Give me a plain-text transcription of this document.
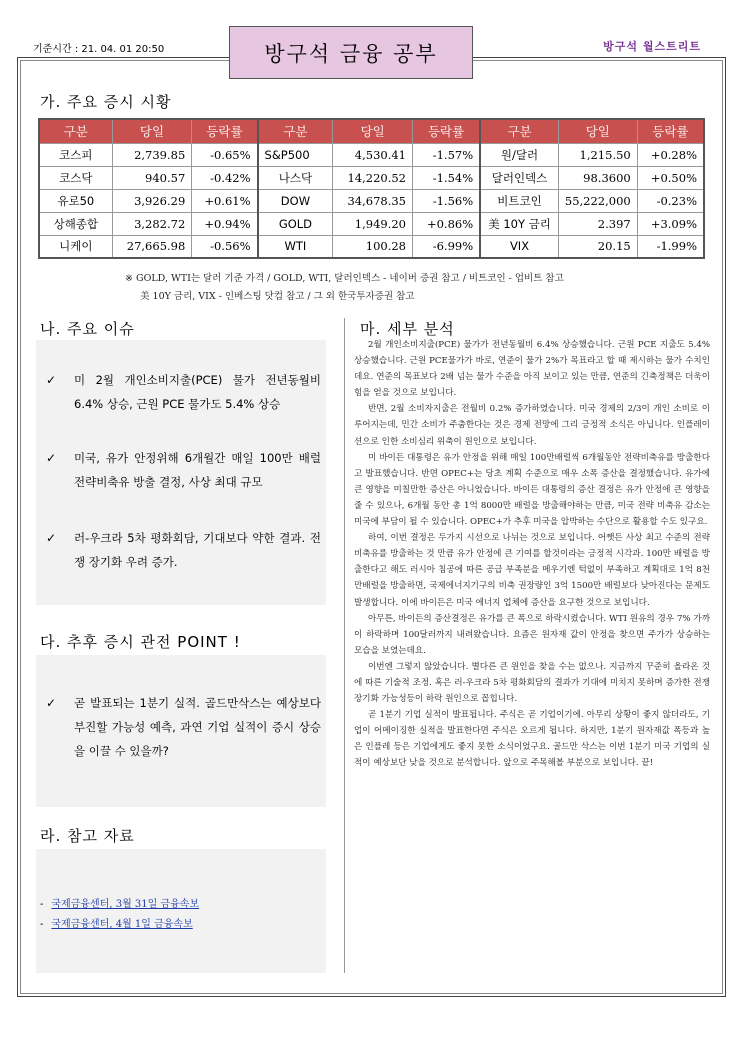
기준시간 : 21. 04. 01 20:50	방구석 금융 공부	방구석 월스트리트
가. 주요 증시 시황
구분	당일	등락률	구분	당일	등락률	구분	당일	등락률
코스피	2,739.85	-0.65%	S&P500	4,530.41	-1.57%	원/달러	1,215.50	+0.28%
코스닥	940.57	-0.42%	나스닥	14,220.52	-1.54%	달러인덱스	98.3600	+0.50%
유로50	3,926.29	+0.61%	DOW	34,678.35	-1.56%	비트코인	55,222,000	-0.23%
상해종합	3,282.72	+0.94%	GOLD	1,949.20	+0.86%	美 10Y 금리	2.397	+3.09%
니케이	27,665.98	-0.56%	WTI	100.28	-6.99%	VIX	20.15	-1.99%
※ GOLD, WTI는 달러 기준 가격 / GOLD, WTI, 달러인덱스 - 네이버 증권 참고 / 비트코인 - 업비트 참고
美 10Y 금리, VIX - 인베스팅 닷컴 참고 / 그 외 한국투자증권 참고
나. 주요 이슈
✓	미 2월 개인소비지출(PCE) 물가 전년동월비 6.4% 상승, 근원 PCE 물가도 5.4% 상승
✓	미국, 유가 안정위해 6개월간 매일 100만 배럴 전략비축유 방출 결정, 사상 최대 규모
✓	러-우크라 5차 평화회담, 기대보다 약한 결과. 전쟁 장기화 우려 증가.
다. 추후 증시 관전 POINT !
✓	곧 발표되는 1분기 실적. 골드만삭스는 예상보다 부진할 가능성 예측, 과연 기업 실적이 증시 상승을 이끌 수 있을까?
라. 참고 자료
- 국제금융센터, 3월 31일 금융속보
- 국제금융센터, 4월 1일 금융속보
마. 세부 분석

2월 개인소비지출(PCE) 물가가 전년동월비 6.4% 상승했습니다. 근원 PCE 지출도 5.4% 상승했습니다. 근원 PCE물가가 바로, 연준이 물가 2%가 목표라고 할 때 제시하는 물가 수치인데요. 연준의 목표보다 2배 넘는 물가 수준을 아직 보이고 있는 만큼, 연준의 긴축정책은 더욱이 힘을 얻을 것으로 보입니다.

반면, 2월 소비자지출은 전월비 0.2% 증가하였습니다. 미국 경제의 2/3이 개인 소비로 이루어지는데, 민간 소비가 주춤한다는 것은 경제 전망에 그리 긍정적 소식은 아닙니다. 인플레이션으로 인한 소비심리 위축이 원인으로 보입니다.

미 바이든 대통령은 유가 안정을 위해 매일 100만배럴씩 6개월동안 전략비축유를 방출한다고 발표했습니다. 반면 OPEC+는 당초 계획 수준으로 매우 소폭 증산을 결정했습니다. 유가에 큰 영향을 미칠만한 증산은 아니었습니다. 바이든 대통령의 증산 결정은 유가 안정에 큰 영향을 줄 수 있으나, 6개월 동안 총 1억 8000만 배럴을 방출해야하는 만큼, 미국 전략 비축유 감소는 미국에 부담이 될 수 있습니다. OPEC+가 추후 미국을 압박하는 수단으로 활용할 수도 있구요.

하여, 이번 결정은 두가지 시선으로 나뉘는 것으로 보입니다. 어쨋든 사상 최고 수준의 전략 비축유를 방출하는 것 만큼 유가 안정에 큰 기여를 할것이라는 긍정적 시각과. 100만 배럴을 방출한다고 해도 러시아 침공에 따른 공급 부족분을 메우기엔 턱없이 부족하고 계획대로 1억 8천만배럴을 방출하면, 국제에너지기구의 비축 권장량인 3억 1500만 배럴보다 낮아진다는 문제도 발생합니다. 이에 바이든은 미국 에너지 업체에 증산을 요구한 것으로 보입니다.

아무튼, 바이든의 증산결정은 유가를 큰 폭으로 하락시켰습니다. WTI 원유의 경우 7% 가까이 하락하며 100달러까지 내려왔습니다. 요즘은 원자재 값이 안정을 찾으면 주가가 상승하는 모습을 보였는데요.

이번엔 그렇지 않았습니다. 별다른 큰 원인을 찾을 수는 없으나. 지금까지 꾸준히 올라온 것에 따른 기술적 조정. 혹은 러-우크라 5차 평화회담의 결과가 기대에 미치지 못하며 증가한 전쟁 장기화 가능성등이 하락 원인으로 꼽힙니다.

곧 1분기 기업 실적이 발표됩니다. 주식은 곧 기업이기에. 아무리 상황이 좋지 않더라도, 기업이 어메이징한 실적을 발표한다면 주식은 오르게 됩니다. 하지만, 1분기 원자재값 폭등과 높은 인플레 등은 기업에게도 좋지 못한 소식이었구요. 골드만 삭스는 이번 1분기 미국 기업의 실적이 예상보단 낮을 것으로 분석합니다. 앞으로 주목해볼 부분으로 보입니다. 끝!
